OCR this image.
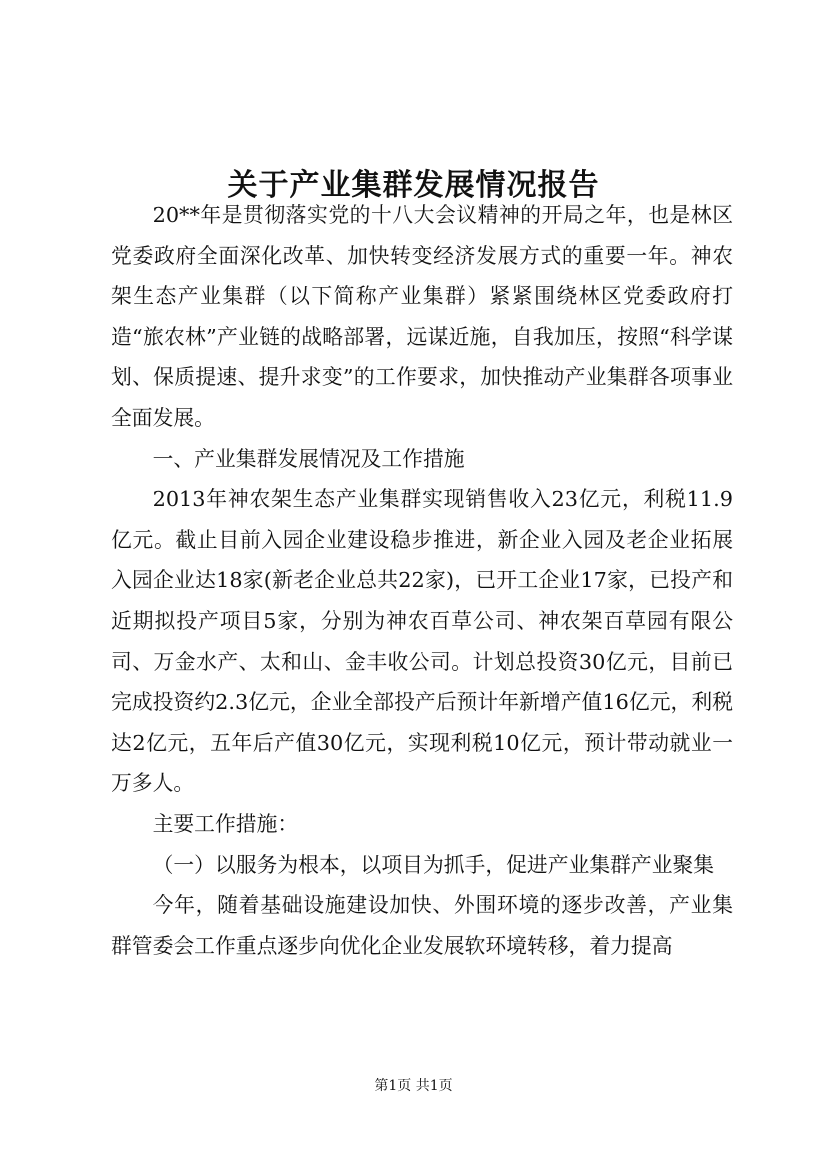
关于产业集群发展情况报告

20**年是贯彻落实党的十八大会议精神的开局之年，也是林区党委政府全面深化改革、加快转变经济发展方式的重要一年。神农架生态产业集群（以下简称产业集群）紧紧围绕林区党委政府打造“旅农林”产业链的战略部署，远谋近施，自我加压，按照“科学谋划、保质提速、提升求变”的工作要求，加快推动产业集群各项事业全面发展。

一、产业集群发展情况及工作措施

2013年神农架生态产业集群实现销售收入23亿元，利税11.9亿元。截止目前入园企业建设稳步推进，新企业入园及老企业拓展入园企业达18家(新老企业总共22家)，已开工企业17家，已投产和近期拟投产项目5家，分别为神农百草公司、神农架百草园有限公司、万金水产、太和山、金丰收公司。计划总投资30亿元，目前已完成投资约2.3亿元，企业全部投产后预计年新增产值16亿元，利税达2亿元，五年后产值30亿元，实现利税10亿元，预计带动就业一万多人。

主要工作措施：

（一）以服务为根本，以项目为抓手，促进产业集群产业聚集

今年，随着基础设施建设加快、外围环境的逐步改善，产业集群管委会工作重点逐步向优化企业发展软环境转移，着力提高

第1页 共1页
